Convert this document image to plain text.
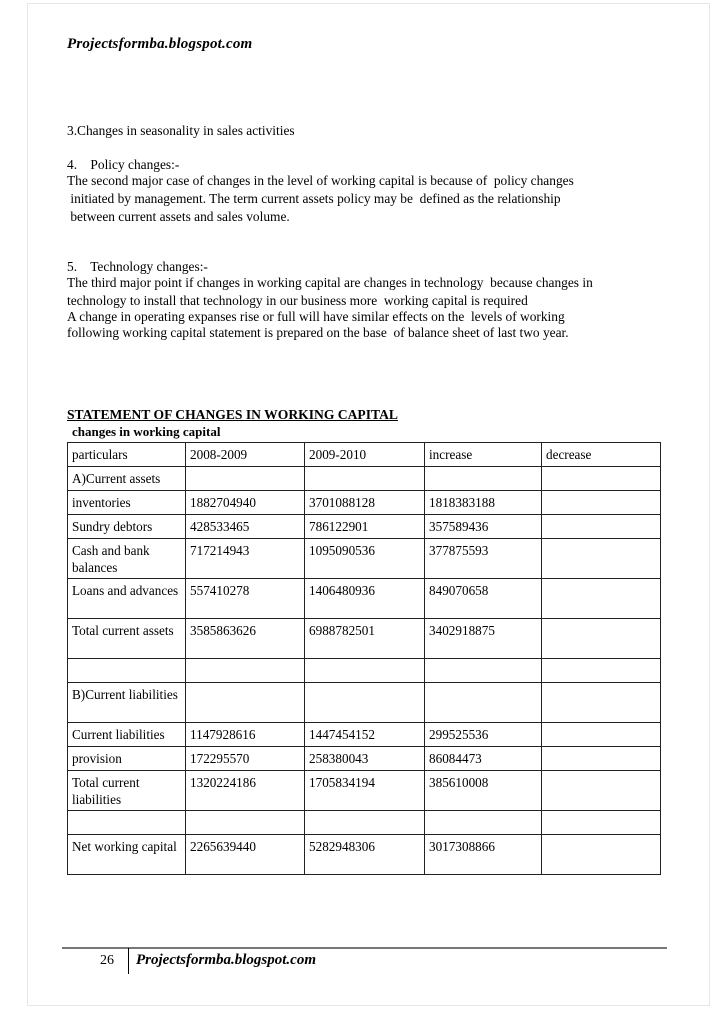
Projectsformba.blogspot.com
3.Changes in seasonality in sales activities
4.    Policy changes:-
The second major case of changes in the level of working capital is because of  policy changes
initiated by management. The term current assets policy may be  defined as the relationship
between current assets and sales volume.
5.    Technology changes:-
The third major point if changes in working capital are changes in technology  because changes in
technology to install that technology in our business more  working capital is required
A change in operating expanses rise or full will have similar effects on the  levels of working
following working capital statement is prepared on the base  of balance sheet of last two year.
STATEMENT OF CHANGES IN WORKING CAPITAL
changes in working capital
particulars	2008-2009	2009-2010	increase	decrease
A)Current assets				
inventories	1882704940	3701088128	1818383188	
Sundry debtors	428533465	786122901	357589436	
Cash and bank balances	717214943	1095090536	377875593	
Loans and advances	557410278	1406480936	849070658	
Total current assets	3585863626	6988782501	3402918875	

B)Current liabilities				
Current liabilities	1147928616	1447454152	299525536	
provision	172295570	258380043	86084473	
Total current liabilities	1320224186	1705834194	385610008	

Net working capital	2265639440	5282948306	3017308866	
26 Projectsformba.blogspot.com
